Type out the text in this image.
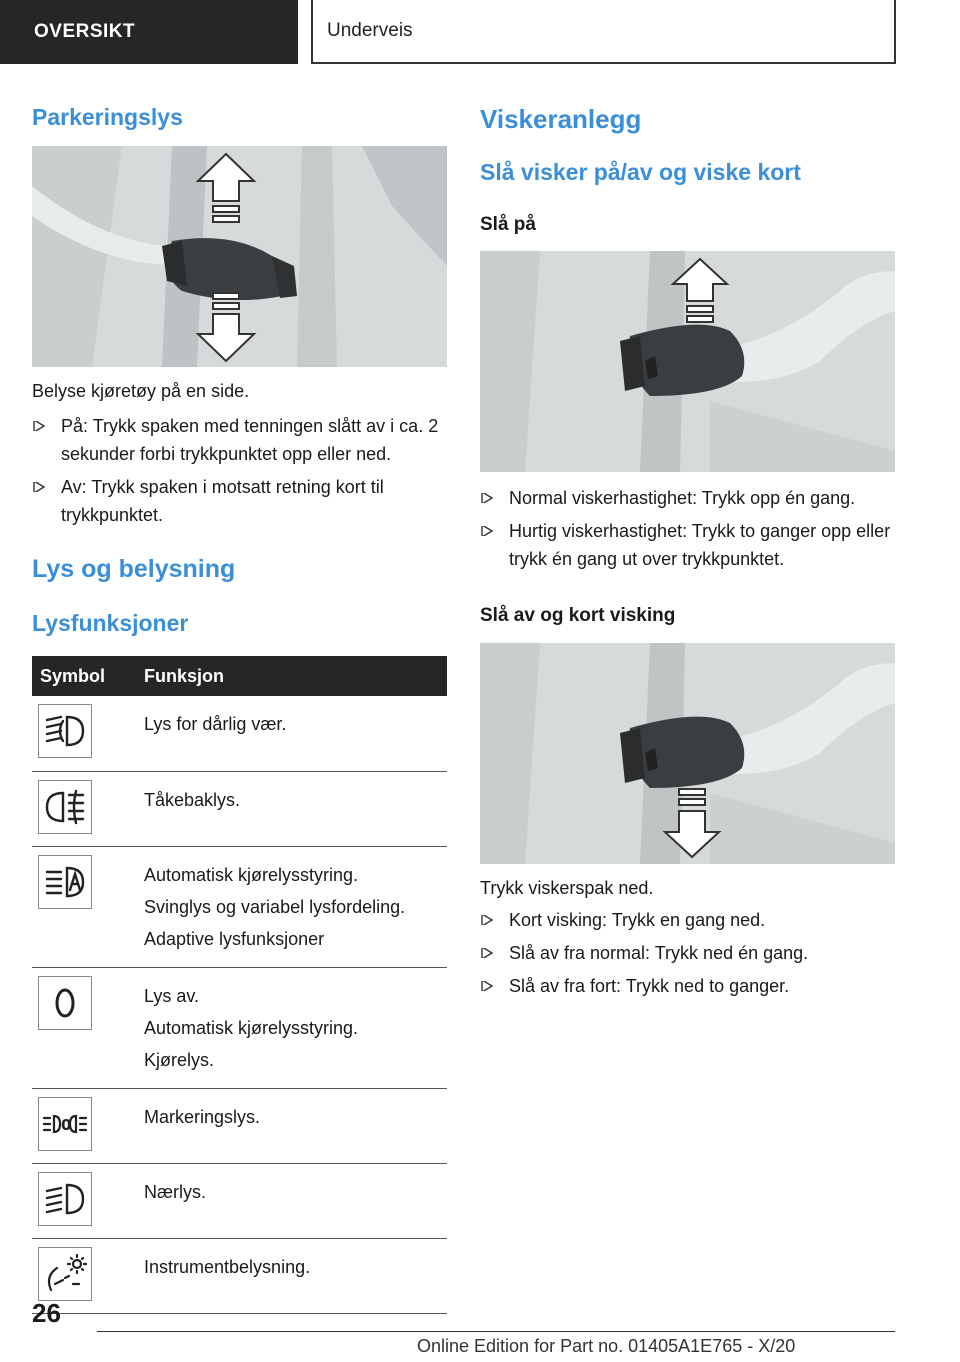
OVERSIKT	Underveis
Parkeringslys

Belyse kjøretøy på en side.

På: Trykk spaken med tenningen slått av i ca. 2 sekunder forbi trykkpunktet opp eller ned.
Av: Trykk spaken i motsatt retning kort til trykkpunktet.
Lys og belysning
Lysfunksjoner
Symbol	Funksjon

Lys for dårlig vær.

Tåkebaklys.

Automatisk kjørelysstyring.
Svinglys og variabel lysfordeling.
Adaptive lysfunksjoner

Lys av.
Automatisk kjørelysstyring.
Kjørelys.

0	Markeringslys.

Nærlys.

Instrumentbelysning.
Viskeranlegg
Slå visker på/av og viske kort
Slå på
Normal viskerhastighet: Trykk opp én gang.
Hurtig viskerhastighet: Trykk to ganger opp eller trykk én gang ut over trykkpunktet.
Slå av og kort visking

Trykk viskerspak ned.

Kort visking: Trykk en gang ned.
Slå av fra normal: Trykk ned én gang.
Slå av fra fort: Trykk ned to ganger.
26
Online Edition for Part no. 01405A1E765 - X/20
